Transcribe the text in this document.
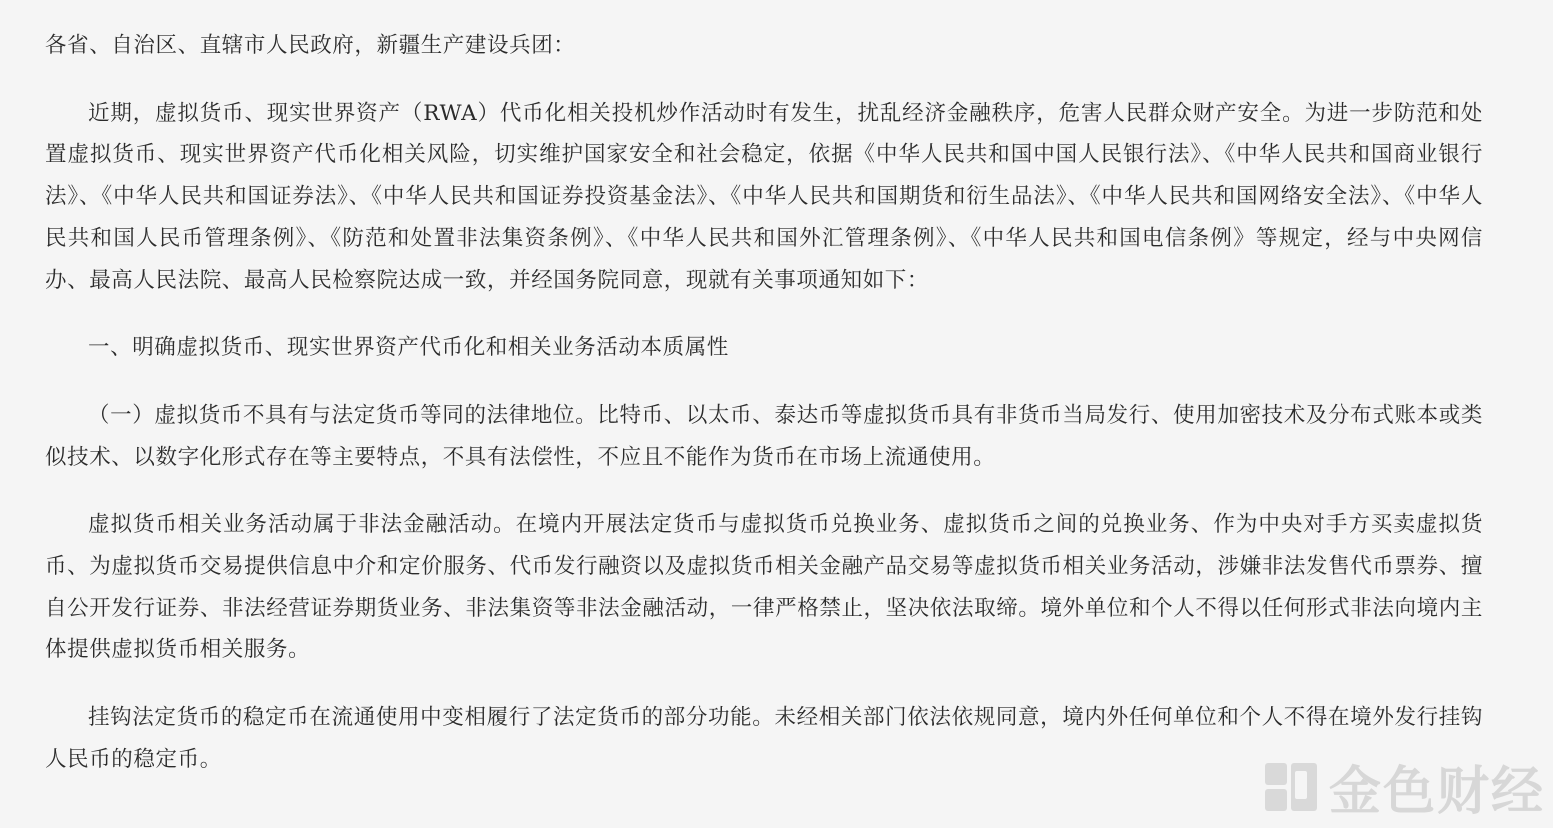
各省、自治区、直辖市人民政府，新疆生产建设兵团：

近期，虚拟货币、现实世界资产（RWA）代币化相关投机炒作活动时有发生，扰乱经济金融秩序，危害人民群众财产安全。为进一步防范和处置虚拟货币、现实世界资产代币化相关风险，切实维护国家安全和社会稳定，依据《中华人民共和国中国人民银行法》、《中华人民共和国商业银行法》、《中华人民共和国证券法》、《中华人民共和国证券投资基金法》、《中华人民共和国期货和衍生品法》、《中华人民共和国网络安全法》、《中华人民共和国人民币管理条例》、《防范和处置非法集资条例》、《中华人民共和国外汇管理条例》、《中华人民共和国电信条例》等规定，经与中央网信办、最高人民法院、最高人民检察院达成一致，并经国务院同意，现就有关事项通知如下：

一、明确虚拟货币、现实世界资产代币化和相关业务活动本质属性

（一）虚拟货币不具有与法定货币等同的法律地位。比特币、以太币、泰达币等虚拟货币具有非货币当局发行、使用加密技术及分布式账本或类似技术、以数字化形式存在等主要特点，不具有法偿性，不应且不能作为货币在市场上流通使用。

虚拟货币相关业务活动属于非法金融活动。在境内开展法定货币与虚拟货币兑换业务、虚拟货币之间的兑换业务、作为中央对手方买卖虚拟货币、为虚拟货币交易提供信息中介和定价服务、代币发行融资以及虚拟货币相关金融产品交易等虚拟货币相关业务活动，涉嫌非法发售代币票券、擅自公开发行证券、非法经营证券期货业务、非法集资等非法金融活动，一律严格禁止，坚决依法取缔。境外单位和个人不得以任何形式非法向境内主体提供虚拟货币相关服务。

挂钩法定货币的稳定币在流通使用中变相履行了法定货币的部分功能。未经相关部门依法依规同意，境内外任何单位和个人不得在境外发行挂钩人民币的稳定币。

金色财经
